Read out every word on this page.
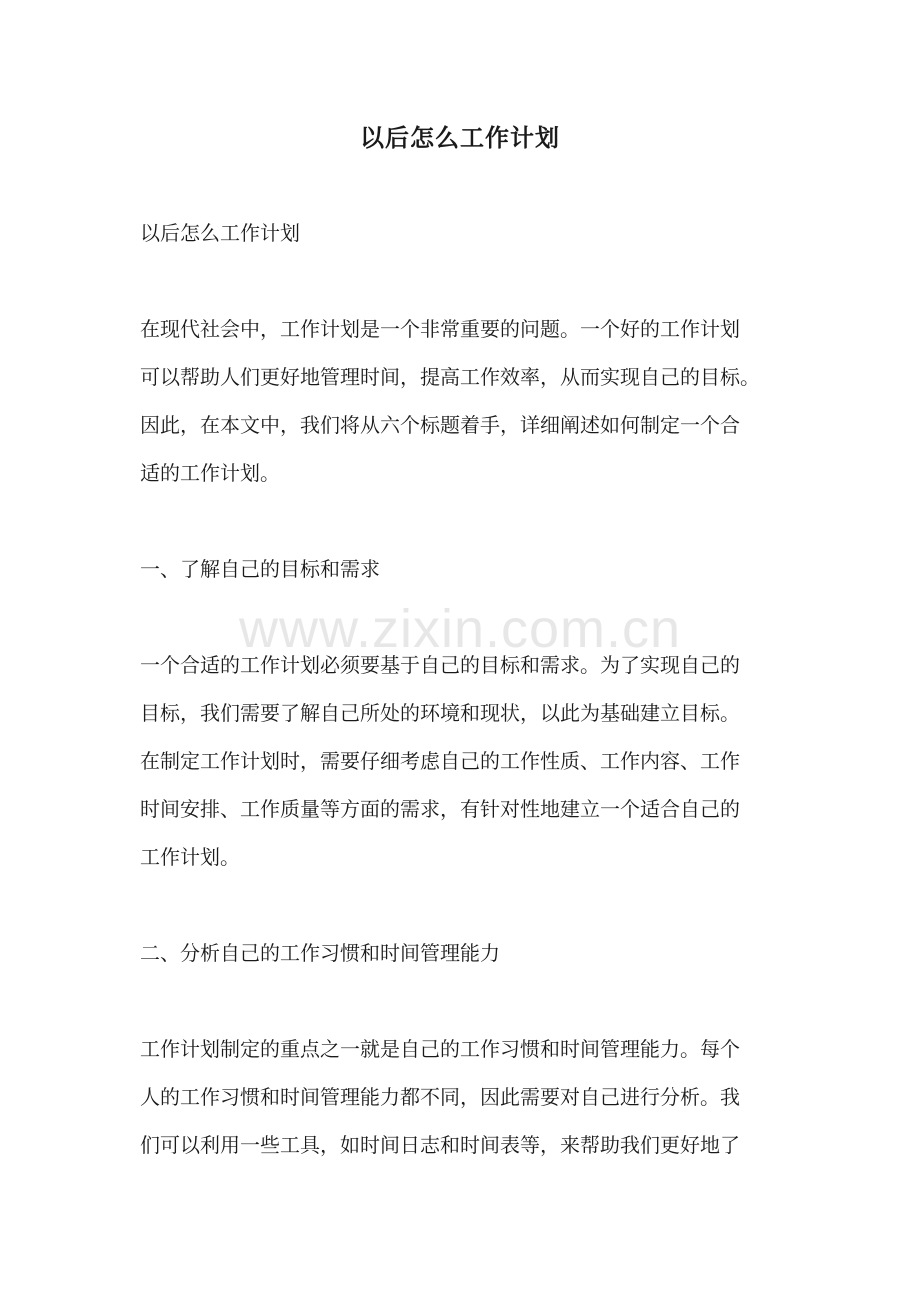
以后怎么工作计划

以后怎么工作计划

在现代社会中，工作计划是一个非常重要的问题。一个好的工作计划
可以帮助人们更好地管理时间，提高工作效率，从而实现自己的目标。
因此，在本文中，我们将从六个标题着手，详细阐述如何制定一个合
适的工作计划。

一、了解自己的目标和需求

一个合适的工作计划必须要基于自己的目标和需求。为了实现自己的
目标，我们需要了解自己所处的环境和现状，以此为基础建立目标。
在制定工作计划时，需要仔细考虑自己的工作性质、工作内容、工作
时间安排、工作质量等方面的需求，有针对性地建立一个适合自己的
工作计划。

二、分析自己的工作习惯和时间管理能力

工作计划制定的重点之一就是自己的工作习惯和时间管理能力。每个
人的工作习惯和时间管理能力都不同，因此需要对自己进行分析。我
们可以利用一些工具，如时间日志和时间表等，来帮助我们更好地了

www.zixin.com.cn
